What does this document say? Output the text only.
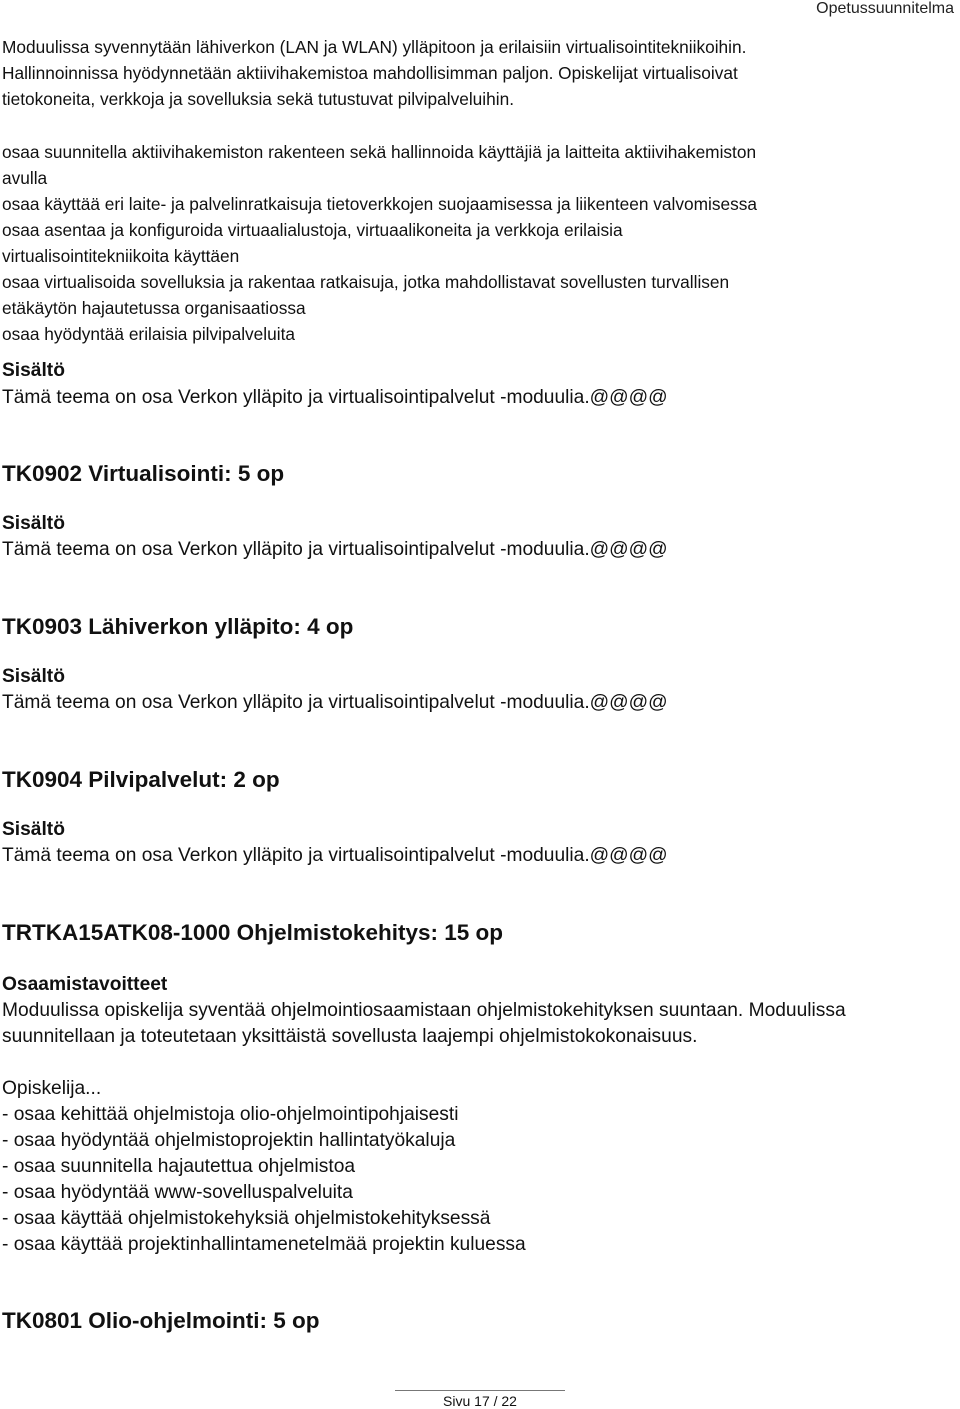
Opetussuunnitelma

Moduulissa syvennytään lähiverkon (LAN ja WLAN) ylläpitoon ja erilaisiin virtualisointitekniikoihin.

Hallinnoinnissa hyödynnetään aktiivihakemistoa mahdollisimman paljon. Opiskelijat virtualisoivat

tietokoneita, verkkoja ja sovelluksia sekä tutustuvat pilvipalveluihin.

osaa suunnitella aktiivihakemiston rakenteen sekä hallinnoida käyttäjiä ja laitteita aktiivihakemiston

avulla

osaa käyttää eri laite- ja palvelinratkaisuja tietoverkkojen suojaamisessa ja liikenteen valvomisessa

osaa asentaa ja konfiguroida virtuaalialustoja, virtuaalikoneita ja verkkoja erilaisia

virtualisointitekniikoita käyttäen

osaa virtualisoida sovelluksia ja rakentaa ratkaisuja, jotka mahdollistavat sovellusten turvallisen

etäkäytön hajautetussa organisaatiossa

osaa hyödyntää erilaisia pilvipalveluita

Sisältö

Tämä teema on osa Verkon ylläpito ja virtualisointipalvelut -moduulia.@@@@

TK0902 Virtualisointi: 5 op

Sisältö

Tämä teema on osa Verkon ylläpito ja virtualisointipalvelut -moduulia.@@@@

TK0903 Lähiverkon ylläpito: 4 op

Sisältö

Tämä teema on osa Verkon ylläpito ja virtualisointipalvelut -moduulia.@@@@

TK0904 Pilvipalvelut: 2 op

Sisältö

Tämä teema on osa Verkon ylläpito ja virtualisointipalvelut -moduulia.@@@@

TRTKA15ATK08-1000 Ohjelmistokehitys: 15 op

Osaamistavoitteet

Moduulissa opiskelija syventää ohjelmointiosaamistaan ohjelmistokehityksen suuntaan. Moduulissa

suunnitellaan ja toteutetaan yksittäistä sovellusta laajempi ohjelmistokokonaisuus.

Opiskelija...

- osaa kehittää ohjelmistoja olio-ohjelmointipohjaisesti

- osaa hyödyntää ohjelmistoprojektin hallintatyökaluja

- osaa suunnitella hajautettua ohjelmistoa

- osaa hyödyntää www-sovelluspalveluita

- osaa käyttää ohjelmistokehyksiä ohjelmistokehityksessä

- osaa käyttää projektinhallintamenetelmää projektin kuluessa

TK0801 Olio-ohjelmointi: 5 op

Sivu 17 / 22
